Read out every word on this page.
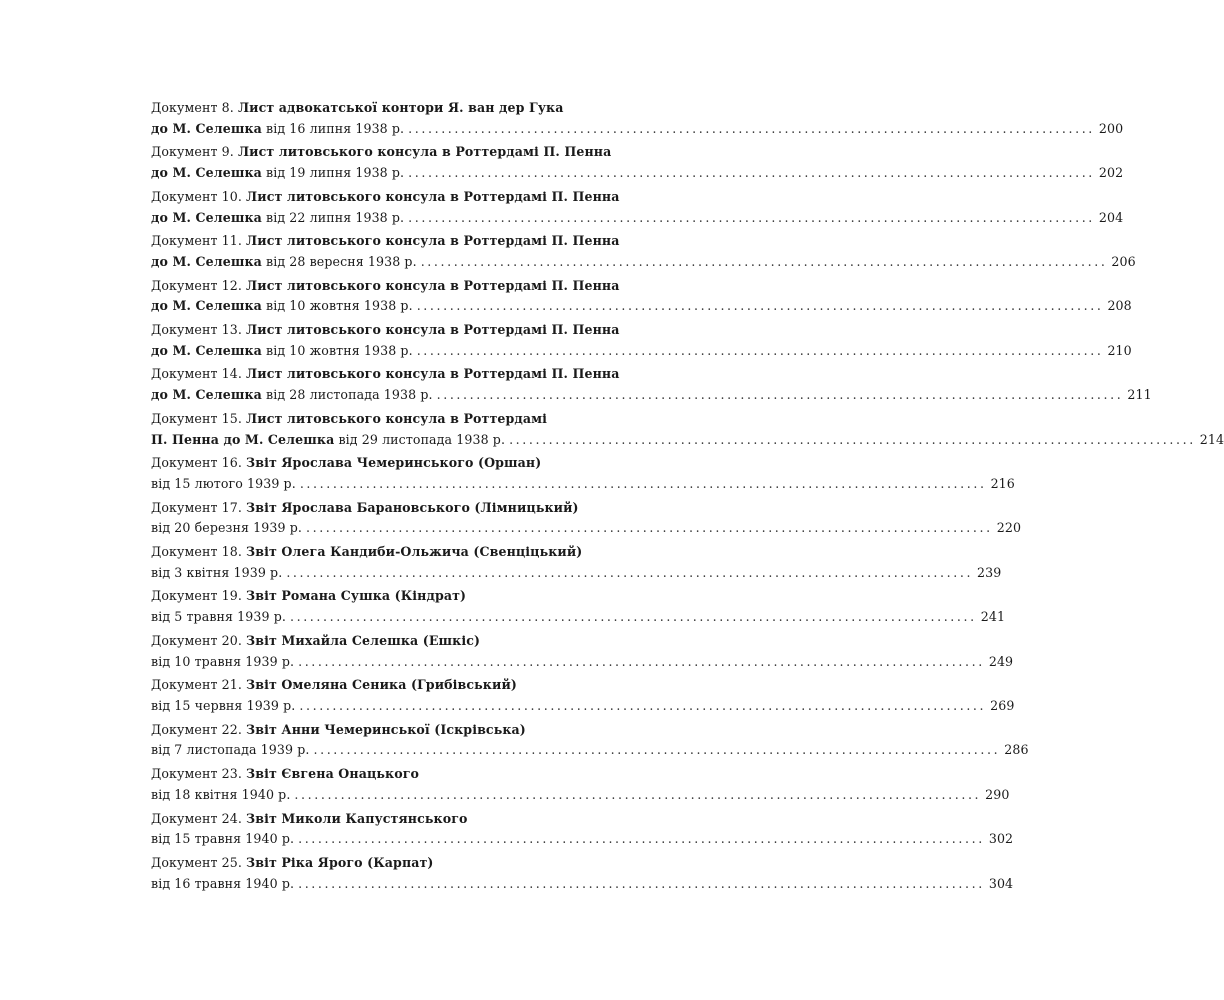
Документ 8. Лист адвокатської контори Я. ван дер Гука
до М. Селешка від 16 липня 1938 р. ........................................................................................................ 200
Документ 9. Лист литовського консула в Роттердамі П. Пенна
до М. Селешка від 19 липня 1938 р. ........................................................................................................ 202
Документ 10. Лист литовського консула в Роттердамі П. Пенна
до М. Селешка від 22 липня 1938 р. ........................................................................................................ 204
Документ 11. Лист литовського консула в Роттердамі П. Пенна
до М. Селешка від 28 вересня 1938 р. ........................................................................................................ 206
Документ 12. Лист литовського консула в Роттердамі П. Пенна
до М. Селешка від 10 жовтня 1938 р. ........................................................................................................ 208
Документ 13. Лист литовського консула в Роттердамі П. Пенна
до М. Селешка від 10 жовтня 1938 р. ........................................................................................................ 210
Документ 14. Лист литовського консула в Роттердамі П. Пенна
до М. Селешка від 28 листопада 1938 р. ........................................................................................................ 211
Документ 15. Лист литовського консула в Роттердамі
П. Пенна до М. Селешка від 29 листопада 1938 р. ........................................................................................................ 214
Документ 16. Звіт Ярослава Чемеринського (Оршан)
від 15 лютого 1939 р. ........................................................................................................ 216
Документ 17. Звіт Ярослава Барановського (Лімницький)
від 20 березня 1939 р. ........................................................................................................ 220
Документ 18. Звіт Олега Кандиби-Ольжича (Свенціцький)
від 3 квітня 1939 р. ........................................................................................................ 239
Документ 19. Звіт Романа Сушка (Кіндрат)
від 5 травня 1939 р. ........................................................................................................ 241
Документ 20. Звіт Михайла Селешка (Ешкіс)
від 10 травня 1939 р. ........................................................................................................ 249
Документ 21. Звіт Омеляна Сеника (Грибівський)
від 15 червня 1939 р. ........................................................................................................ 269
Документ 22. Звіт Анни Чемеринської (Іскрівська)
від 7 листопада 1939 р. ........................................................................................................ 286
Документ 23. Звіт Євгена Онацького
від 18 квітня 1940 р. ........................................................................................................ 290
Документ 24. Звіт Миколи Капустянського
від 15 травня 1940 р. ........................................................................................................ 302
Документ 25. Звіт Ріка Ярого (Карпат)
від 16 травня 1940 р. ........................................................................................................ 304
